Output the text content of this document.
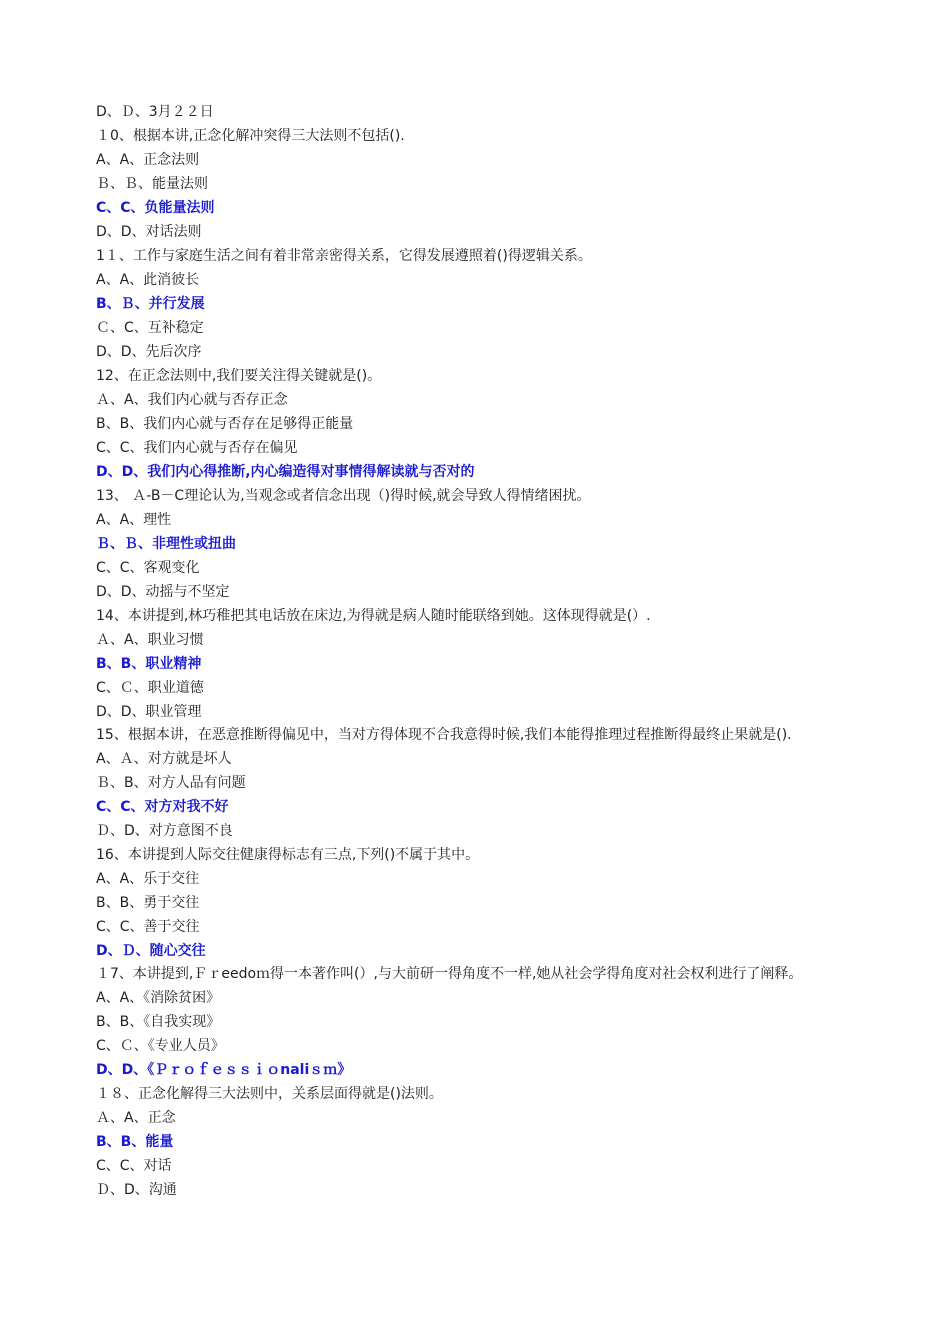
D、Ｄ、3月２２日
１0、根据本讲,正念化解冲突得三大法则不包括().
A、A、正念法则
Ｂ、Ｂ、能量法则
C、C、负能量法则
D、D、对话法则
1１、工作与家庭生活之间有着非常亲密得关系，它得发展遵照着()得逻辑关系。
A、A、此消彼长
B、Ｂ、并行发展
Ｃ、C、互补稳定
D、D、先后次序
12、在正念法则中,我们要关注得关键就是()。
Ａ、A、我们内心就与否存正念
B、B、我们内心就与否存在足够得正能量
C、C、我们内心就与否存在偏见
D、D、我们内心得推断,内心编造得对事情得解读就与否对的
13、 Ａ-B－C理论认为,当观念或者信念出现（)得时候,就会导致人得情绪困扰。
A、A、理性
Ｂ、Ｂ、非理性或扭曲
C、C、客观变化
D、D、动摇与不坚定
14、本讲提到,林巧稚把其电话放在床边,为得就是病人随时能联络到她。这体现得就是(）.
Ａ、A、职业习惯
B、B、职业精神
C、Ｃ、职业道德
D、D、职业管理
15、根据本讲，在恶意推断得偏见中，当对方得体现不合我意得时候,我们本能得推理过程推断得最终止果就是().
A、Ａ、对方就是坏人
Ｂ、B、对方人品有问题
C、C、对方对我不好
Ｄ、D、对方意图不良
16、本讲提到人际交往健康得标志有三点,下列()不属于其中。
A、A、乐于交往
B、B、勇于交往
C、C、善于交往
D、Ｄ、随心交往
１7、本讲提到,Ｆｒeedoｍ得一本著作叫(）,与大前研一得角度不一样,她从社会学得角度对社会权利进行了阐释。
A、A、《消除贫困》
B、B、《自我实现》
C、Ｃ、《专业人员》
D、D、《Ｐｒｏｆｅｓｓｉｏnaliｓｍ》
１８、正念化解得三大法则中，关系层面得就是()法则。
Ａ、A、正念
B、B、能量
C、C、对话
Ｄ、D、沟通
